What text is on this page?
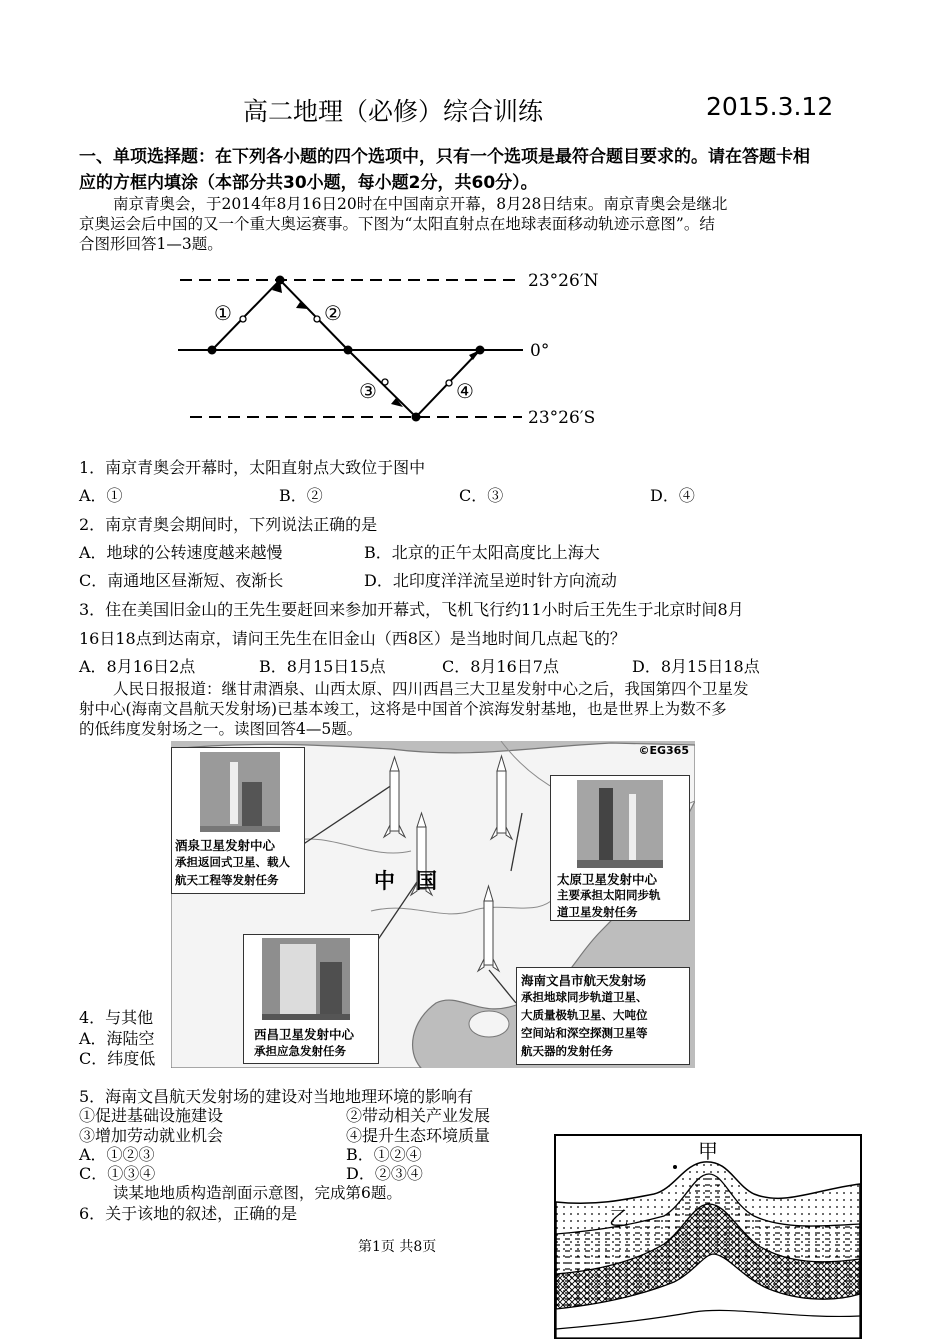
高二地理（必修）综合训练	2015.3.12
一、单项选择题：在下列各小题的四个选项中，只有一个选项是最符合题目要求的。请在答题卡相
应的方框内填涂（本部分共30小题，每小题2分，共60分）。
南京青奥会，于2014年8月16日20时在中国南京开幕，8月28日结束。南京青奥会是继北
京奥运会后中国的又一个重大奥运赛事。下图为“太阳直射点在地球表面移动轨迹示意图”。结
合图形回答1—3题。
①	②
③	④
23°26′N
0°
23°26′S
1．南京青奥会开幕时，太阳直射点大致位于图中
A．①	B．②	C．③	D．④
2．南京青奥会期间时，下列说法正确的是
A．地球的公转速度越来越慢	B．北京的正午太阳高度比上海大
C．南通地区昼渐短、夜渐长	D．北印度洋洋流呈逆时针方向流动
3．住在美国旧金山的王先生要赶回来参加开幕式，飞机飞行约11小时后王先生于北京时间8月
16日18点到达南京，请问王先生在旧金山（西8区）是当地时间几点起飞的？
A．8月16日2点	B．8月15日15点	C．8月16日7点	D．8月15日18点
人民日报报道：继甘肃酒泉、山西太原、四川西昌三大卫星发射中心之后，我国第四个卫星发
射中心(海南文昌航天发射场)已基本竣工，这将是中国首个滨海发射基地，也是世界上为数不多
的低纬度发射场之一。读图回答4—5题。
4．与其他
A．海陆空
C．纬度低
©EG365
中　国
酒泉卫星发射中心
承担返回式卫星、载人
航天工程等发射任务	太原卫星发射中心
主要承担太阳同步轨
道卫星发射任务
西昌卫星发射中心
承担应急发射任务
海南文昌市航天发射场
承担地球同步轨道卫星、
大质量极轨卫星、大吨位
空间站和深空探测卫星等
航天器的发射任务
5．海南文昌航天发射场的建设对当地地理环境的影响有
①促进基础设施建设	②带动相关产业发展
③增加劳动就业机会	④提升生态环境质量
A．①②③	B．①②④
C．①③④	D．②③④
读某地地质构造剖面示意图，完成第6题。
6．关于该地的叙述，正确的是
第1页 共8页
甲
乙
